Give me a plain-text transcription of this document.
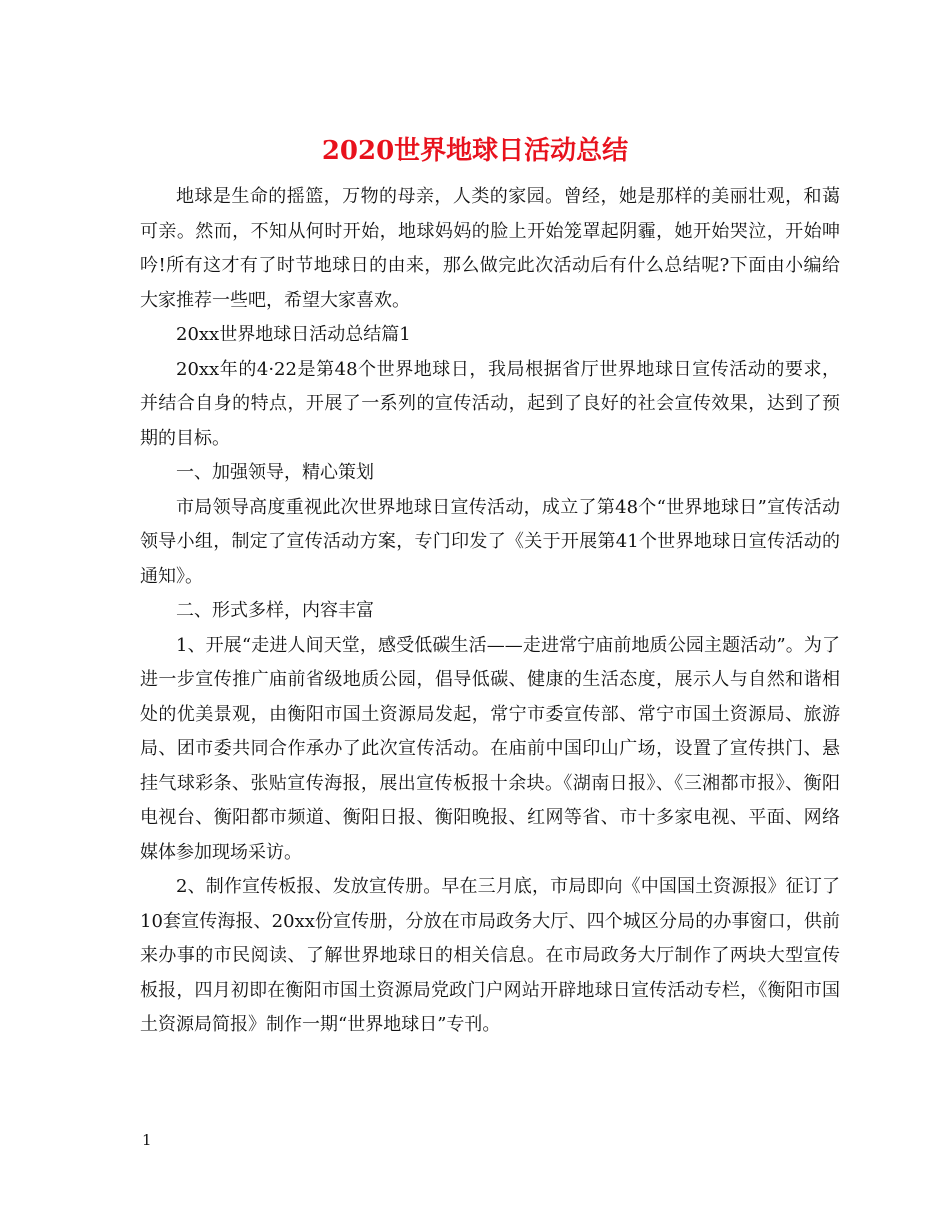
2020世界地球日活动总结

地球是生命的摇篮，万物的母亲，人类的家园。曾经，她是那样的美丽壮观，和蔼可亲。然而，不知从何时开始，地球妈妈的脸上开始笼罩起阴霾，她开始哭泣，开始呻吟!所有这才有了时节地球日的由来，那么做完此次活动后有什么总结呢?下面由小编给大家推荐一些吧，希望大家喜欢。

20xx世界地球日活动总结篇1

20xx年的4·22是第48个世界地球日，我局根据省厅世界地球日宣传活动的要求，并结合自身的特点，开展了一系列的宣传活动，起到了良好的社会宣传效果，达到了预期的目标。

一、加强领导，精心策划

市局领导高度重视此次世界地球日宣传活动，成立了第48个“世界地球日”宣传活动领导小组，制定了宣传活动方案，专门印发了《关于开展第41个世界地球日宣传活动的通知》。

二、形式多样，内容丰富

1、开展“走进人间天堂，感受低碳生活——走进常宁庙前地质公园主题活动”。为了进一步宣传推广庙前省级地质公园，倡导低碳、健康的生活态度，展示人与自然和谐相处的优美景观，由衡阳市国土资源局发起，常宁市委宣传部、常宁市国土资源局、旅游局、团市委共同合作承办了此次宣传活动。在庙前中国印山广场，设置了宣传拱门、悬挂气球彩条、张贴宣传海报，展出宣传板报十余块。《湖南日报》、《三湘都市报》、衡阳电视台、衡阳都市频道、衡阳日报、衡阳晚报、红网等省、市十多家电视、平面、网络媒体参加现场采访。

2、制作宣传板报、发放宣传册。早在三月底，市局即向《中国国土资源报》征订了10套宣传海报、20xx份宣传册，分放在市局政务大厅、四个城区分局的办事窗口，供前来办事的市民阅读、了解世界地球日的相关信息。在市局政务大厅制作了两块大型宣传板报，四月初即在衡阳市国土资源局党政门户网站开辟地球日宣传活动专栏，《衡阳市国土资源局简报》制作一期“世界地球日”专刊。

1
